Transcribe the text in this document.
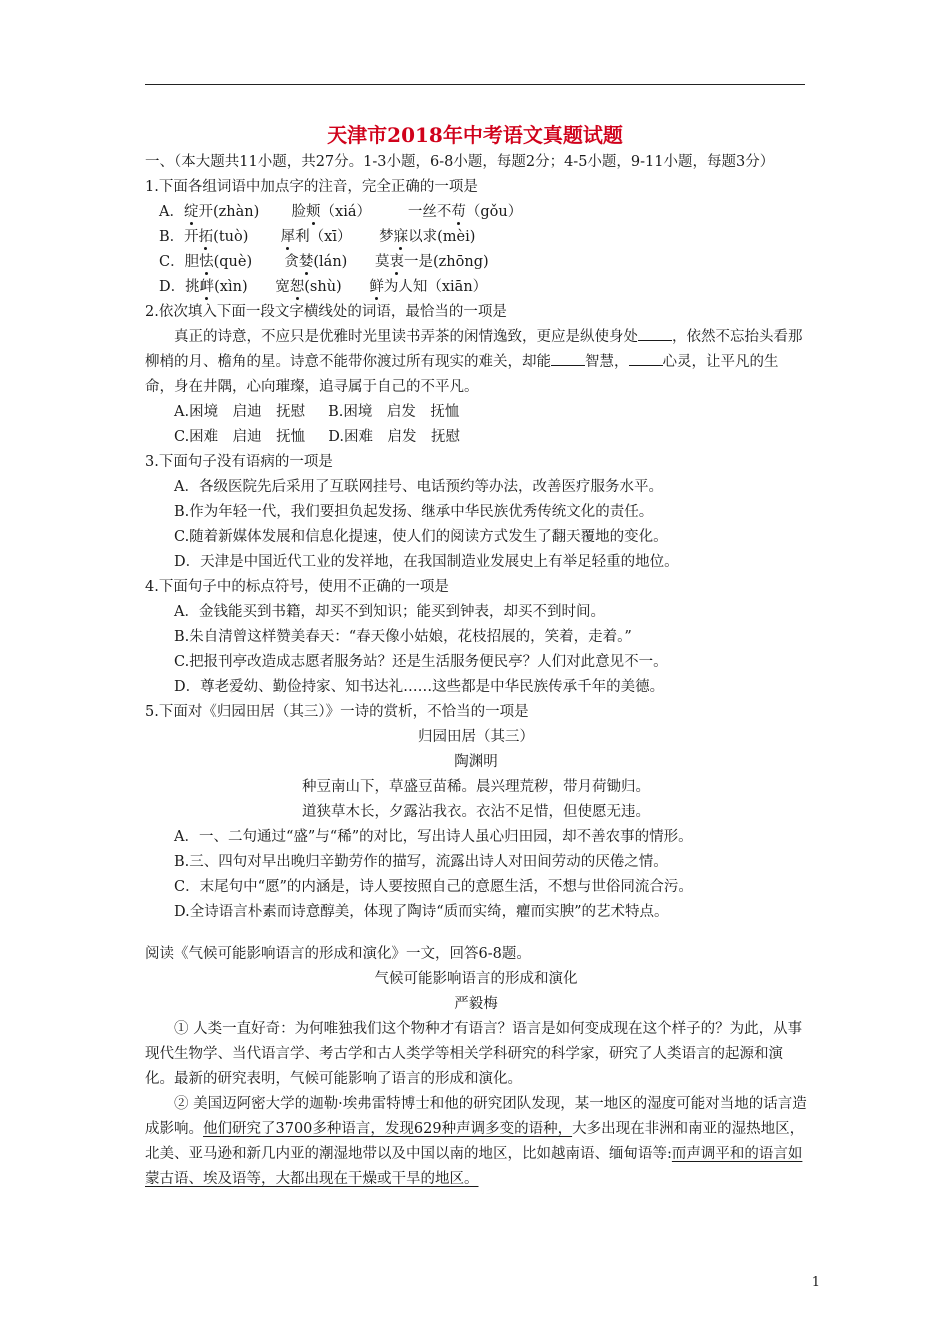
天津市2018年中考语文真题试题

一、（本大题共11小题，共27分。1-3小题，6-8小题，每题2分；4-5小题，9-11小题，每题3分）

1.下面各组词语中加点字的注音，完全正确的一项是

A．绽开(zhàn) 脸颊（xiá）	一丝不苟（gǒu）

B．开拓(tuò) 犀利（xī） 梦寐以求(mèi)

C．胆怯(què) 贪婪(lán) 莫衷一是(zhōng)

D．挑衅(xìn) 宽恕(shù) 鲜为人知（xiān）

2.依次填入下面一段文字横线处的词语，最恰当的一项是

真正的诗意，不应只是优雅时光里读书弄茶的闲情逸致，更应是纵使身处 ，依然不忘抬头看那柳梢的月、檐角的星。诗意不能带你渡过所有现实的难关，却能 智慧， 心灵，让平凡的生命，身在井隅，心向璀璨，追寻属于自己的不平凡。

A.困境　启迪　抚慰 B.困境　启发　抚恤

C.困难　启迪　抚恤 D.困难　启发　抚慰

3.下面句子没有语病的一项是

A．各级医院先后采用了互联网挂号、电话预约等办法，改善医疗服务水平。

B.作为年轻一代，我们要担负起发扬、继承中华民族优秀传统文化的责任。

C.随着新媒体发展和信息化提速，使人们的阅读方式发生了翻天覆地的变化。

D．天津是中国近代工业的发祥地，在我国制造业发展史上有举足轻重的地位。

4.下面句子中的标点符号，使用不正确的一项是

A．金钱能买到书籍，却买不到知识；能买到钟表，却买不到时间。

B.朱自清曾这样赞美春天：“春天像小姑娘，花枝招展的，笑着，走着。”

C.把报刊亭改造成志愿者服务站？还是生活服务便民亭？人们对此意见不一。

D．尊老爱幼、勤俭持家、知书达礼……这些都是中华民族传承千年的美德。

5.下面对《归园田居（其三）》一诗的赏析，不恰当的一项是

归园田居（其三）

陶渊明

种豆南山下，草盛豆苗稀。晨兴理荒秽，带月荷锄归。

道狭草木长，夕露沾我衣。衣沾不足惜，但使愿无违。

A．一、二句通过“盛”与“稀”的对比，写出诗人虽心归田园，却不善农事的情形。

B.三、四句对早出晚归辛勤劳作的描写，流露出诗人对田间劳动的厌倦之情。

C．末尾句中“愿”的内涵是，诗人要按照自己的意愿生活，不想与世俗同流合污。

D.全诗语言朴素而诗意醇美，体现了陶诗“质而实绮，癯而实腴”的艺术特点。

阅读《气候可能影响语言的形成和演化》一文，回答6-8题。

气候可能影响语言的形成和演化

严毅梅

① 人类一直好奇：为何唯独我们这个物种才有语言？语言是如何变成现在这个样子的？为此，从事现代生物学、当代语言学、考古学和古人类学等相关学科研究的科学家，研究了人类语言的起源和演化。最新的研究表明，气候可能影响了语言的形成和演化。

② 美国迈阿密大学的迦勒·埃弗雷特博士和他的研究团队发现，某一地区的湿度可能对当地的话言造成影响。他们研究了3700多种语言，发现629种声调多变的语种，大多出现在非洲和南亚的湿热地区，北美、亚马逊和新几内亚的潮湿地带以及中国以南的地区，比如越南语、缅甸语等:而声调平和的语言如蒙古语、埃及语等，大都出现在干燥或干旱的地区。

1
